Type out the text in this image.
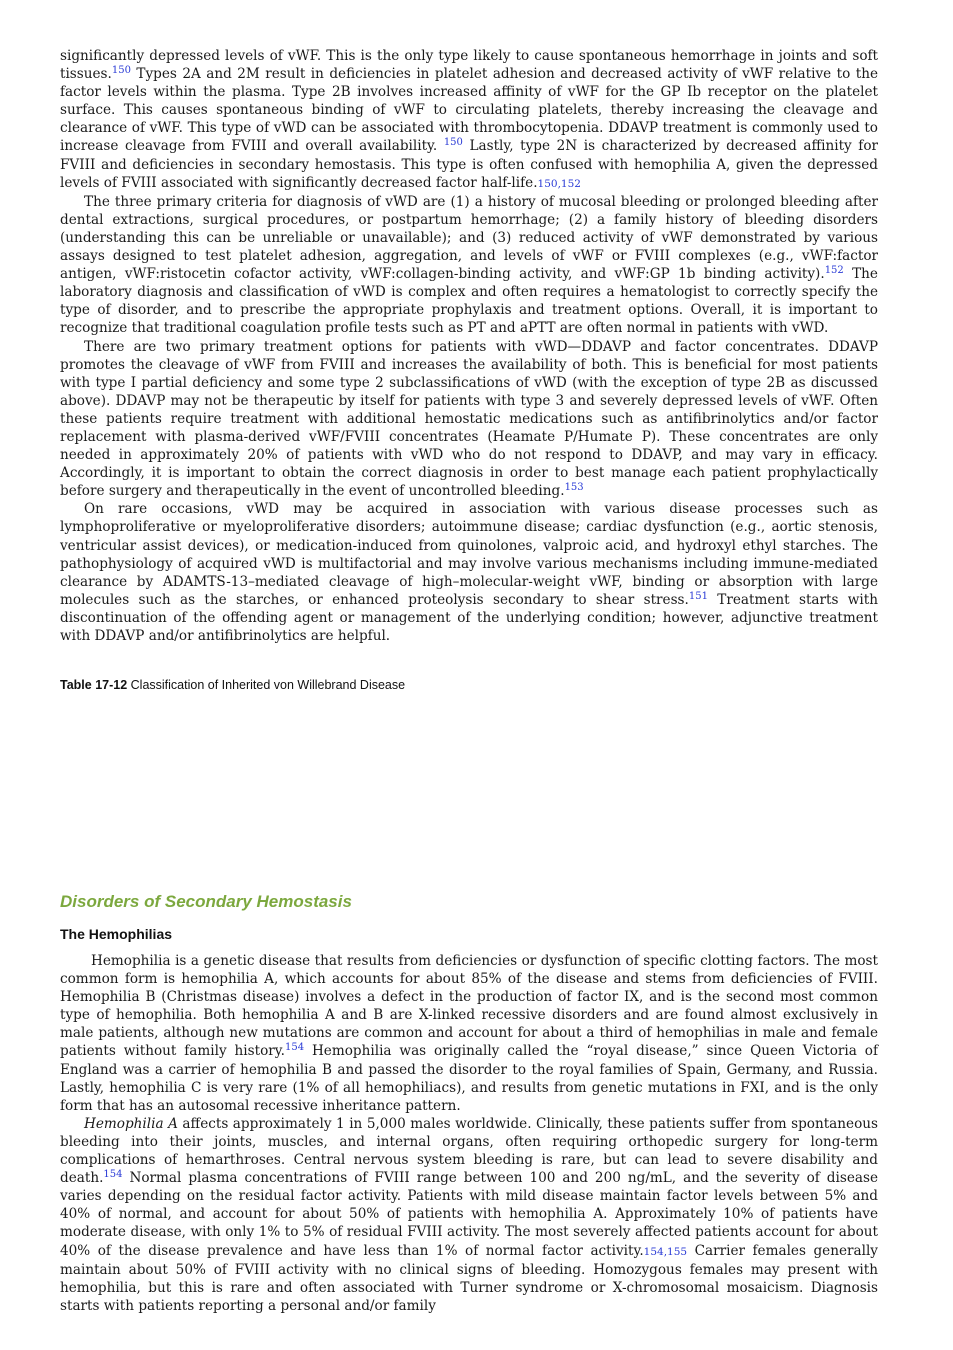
significantly depressed levels of vWF. This is the only type likely to cause spontaneous hemorrhage in joints and soft tissues.$^{150}$ Types 2A and 2M result in deficiencies in platelet adhesion and decreased activity of vWF relative to the factor levels within the plasma. Type 2B involves increased affinity of vWF for the GP Ib receptor on the platelet surface. This causes spontaneous binding of vWF to circulating platelets, thereby increasing the cleavage and clearance of vWF. This type of vWD can be associated with thrombocytopenia. DDAVP treatment is commonly used to increase cleavage from FVIII and overall availability. $^{150}$ Lastly, type 2N is characterized by decreased affinity for FVIII and deficiencies in secondary hemostasis. This type is often confused with hemophilia A, given the depressed levels of FVIII associated with significantly decreased factor half-life.150,152

The three primary criteria for diagnosis of vWD are (1) a history of mucosal bleeding or prolonged bleeding after dental extractions, surgical procedures, or postpartum hemorrhage; (2) a family history of bleeding disorders (understanding this can be unreliable or unavailable); and (3) reduced activity of vWF demonstrated by various assays designed to test platelet adhesion, aggregation, and levels of vWF or FVIII complexes (e.g., vWF:factor antigen, vWF:ristocetin cofactor activity, vWF:collagen-binding activity, and vWF:GP 1b binding activity).$^{152}$ The laboratory diagnosis and classification of vWD is complex and often requires a hematologist to correctly specify the type of disorder, and to prescribe the appropriate prophylaxis and treatment options. Overall, it is important to recognize that traditional coagulation profile tests such as PT and aPTT are often normal in patients with vWD.

There are two primary treatment options for patients with vWD—DDAVP and factor concentrates. DDAVP promotes the cleavage of vWF from FVIII and increases the availability of both. This is beneficial for most patients with type I partial deficiency and some type 2 subclassifications of vWD (with the exception of type 2B as discussed above). DDAVP may not be therapeutic by itself for patients with type 3 and severely depressed levels of vWF. Often these patients require treatment with additional hemostatic medications such as antifibrinolytics and/or factor replacement with plasma-derived vWF/FVIII concentrates (Heamate P/Humate P). These concentrates are only needed in approximately 20% of patients with vWD who do not respond to DDAVP, and may vary in efficacy. Accordingly, it is important to obtain the correct diagnosis in order to best manage each patient prophylactically before surgery and therapeutically in the event of uncontrolled bleeding.$^{153}$

On rare occasions, vWD may be acquired in association with various disease processes such as lymphoproliferative or myeloproliferative disorders; autoimmune disease; cardiac dysfunction (e.g., aortic stenosis, ventricular assist devices), or medication-induced from quinolones, valproic acid, and hydroxyl ethyl starches. The pathophysiology of acquired vWD is multifactorial and may involve various mechanisms including immune-mediated clearance by ADAMTS-13–mediated cleavage of high–molecular-weight vWF, binding or absorption with large molecules such as the starches, or enhanced proteolysis secondary to shear stress.$^{151}$ Treatment starts with discontinuation of the offending agent or management of the underlying condition; however, adjunctive treatment with DDAVP and/or antifibrinolytics are helpful.

Table 17-12 Classification of Inherited von Willebrand Disease
Disorders of Secondary Hemostasis
The Hemophilias

Hemophilia is a genetic disease that results from deficiencies or dysfunction of specific clotting factors. The most common form is hemophilia A, which accounts for about 85% of the disease and stems from deficiencies of FVIII. Hemophilia B (Christmas disease) involves a defect in the production of factor IX, and is the second most common type of hemophilia. Both hemophilia A and B are X-linked recessive disorders and are found almost exclusively in male patients, although new mutations are common and account for about a third of hemophilias in male and female patients without family history.$^{154}$ Hemophilia was originally called the “royal disease,” since Queen Victoria of England was a carrier of hemophilia B and passed the disorder to the royal families of Spain, Germany, and Russia. Lastly, hemophilia C is very rare (1% of all hemophiliacs), and results from genetic mutations in FXI, and is the only form that has an autosomal recessive inheritance pattern.

Hemophilia A affects approximately 1 in 5,000 males worldwide. Clinically, these patients suffer from spontaneous bleeding into their joints, muscles, and internal organs, often requiring orthopedic surgery for long-term complications of hemarthroses. Central nervous system bleeding is rare, but can lead to severe disability and death.$^{154}$ Normal plasma concentrations of FVIII range between 100 and 200 ng/mL, and the severity of disease varies depending on the residual factor activity. Patients with mild disease maintain factor levels between 5% and 40% of normal, and account for about 50% of patients with hemophilia A. Approximately 10% of patients have moderate disease, with only 1% to 5% of residual FVIII activity. The most severely affected patients account for about 40% of the disease prevalence and have less than 1% of normal factor activity.154,155 Carrier females generally maintain about 50% of FVIII activity with no clinical signs of bleeding. Homozygous females may present with hemophilia, but this is rare and often associated with Turner syndrome or X-chromosomal mosaicism. Diagnosis starts with patients reporting a personal and/or family
